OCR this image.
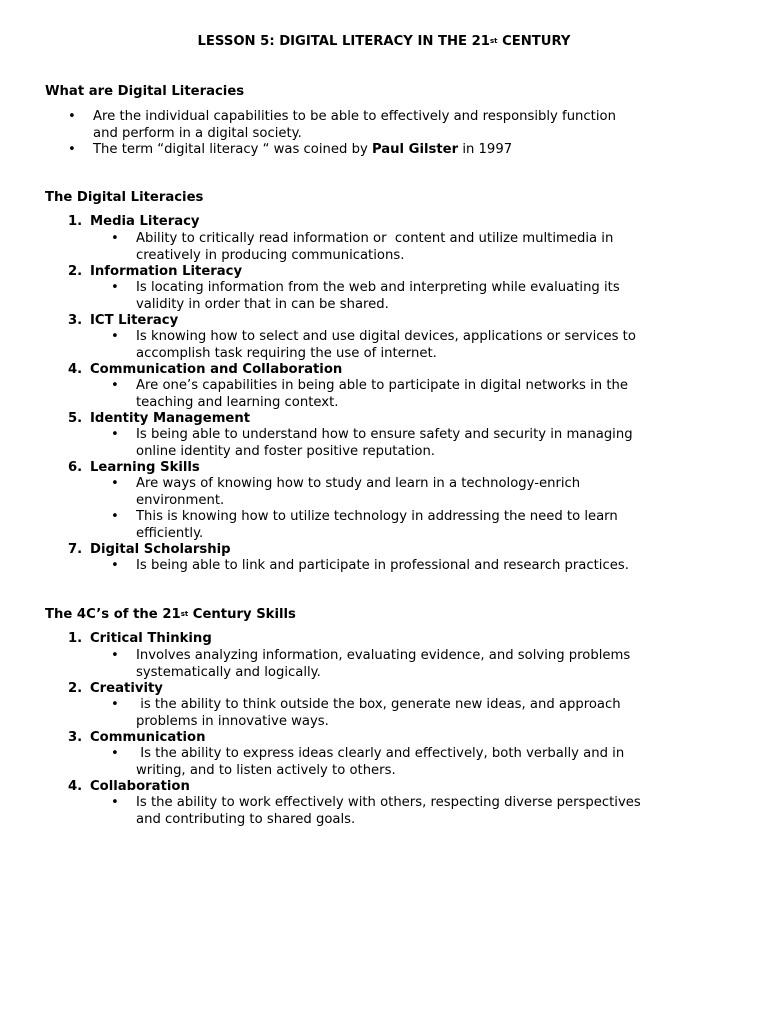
LESSON 5: DIGITAL LITERACY IN THE 21st CENTURY
What are Digital Literacies
• Are the individual capabilities to be able to effectively and responsibly function
and perform in a digital society.
• The term “digital literacy “ was coined by Paul Gilster in 1997
The Digital Literacies
1. Media Literacy
• Ability to critically read information or  content and utilize multimedia in
creatively in producing communications.
2. Information Literacy
• Is locating information from the web and interpreting while evaluating its
validity in order that in can be shared.
3. ICT Literacy
• Is knowing how to select and use digital devices, applications or services to
accomplish task requiring the use of internet.
4. Communication and Collaboration
• Are one’s capabilities in being able to participate in digital networks in the
teaching and learning context.
5. Identity Management
• Is being able to understand how to ensure safety and security in managing
online identity and foster positive reputation.
6. Learning Skills
• Are ways of knowing how to study and learn in a technology-enrich
environment.
• This is knowing how to utilize technology in addressing the need to learn
efficiently.
7. Digital Scholarship
• Is being able to link and participate in professional and research practices.
The 4C’s of the 21st Century Skills
1. Critical Thinking
• Involves analyzing information, evaluating evidence, and solving problems
systematically and logically.
2. Creativity
• is the ability to think outside the box, generate new ideas, and approach
problems in innovative ways.
3. Communication
• Is the ability to express ideas clearly and effectively, both verbally and in
writing, and to listen actively to others.
4. Collaboration
• Is the ability to work effectively with others, respecting diverse perspectives
and contributing to shared goals.
